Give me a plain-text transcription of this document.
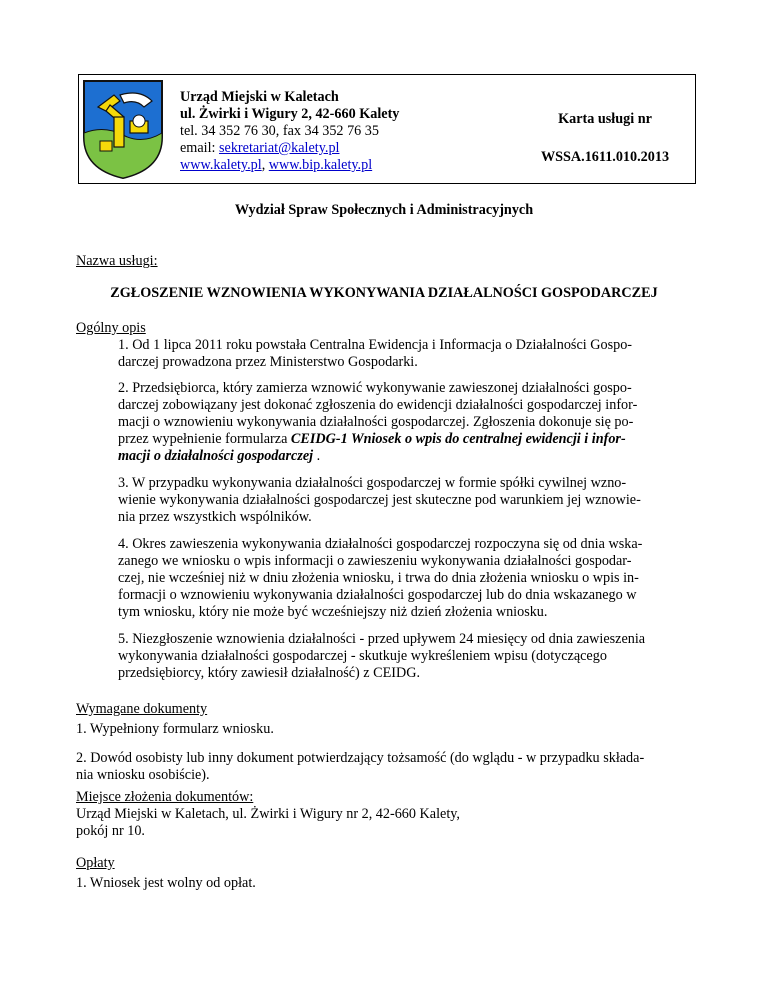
Urząd Miejski w Kaletach
ul. Żwirki i Wigury 2, 42-660 Kalety
tel. 34 352 76 30, fax 34 352 76 35
email: sekretariat@kalety.pl
www.kalety.pl, www.bip.kalety.pl
Karta usługi nr
WSSA.1611.010.2013
Wydział Spraw Społecznych i Administracyjnych
Nazwa usługi:
ZGŁOSZENIE WZNOWIENIA WYKONYWANIA DZIAŁALNOŚCI GOSPODARCZEJ
Ogólny opis
1. Od 1 lipca 2011 roku powstała Centralna Ewidencja i Informacja o Działalności Gospo-
darczej prowadzona przez Ministerstwo Gospodarki.
2. Przedsiębiorca, który zamierza wznowić wykonywanie zawieszonej działalności gospo-
darczej zobowiązany jest dokonać zgłoszenia do ewidencji działalności gospodarczej infor-
macji o wznowieniu wykonywania działalności gospodarczej. Zgłoszenia dokonuje się po-
przez wypełnienie formularza CEIDG-1 Wniosek o wpis do centralnej ewidencji i infor-
macji o działalności gospodarczej .
3. W przypadku wykonywania działalności gospodarczej w formie spółki cywilnej wzno-
wienie wykonywania działalności gospodarczej jest skuteczne pod warunkiem jej wznowie-
nia przez wszystkich wspólników.
4. Okres zawieszenia wykonywania działalności gospodarczej rozpoczyna się od dnia wska-
zanego we wniosku o wpis informacji o zawieszeniu wykonywania działalności gospodar-
czej, nie wcześniej niż w dniu złożenia wniosku, i trwa do dnia złożenia wniosku o wpis in-
formacji o wznowieniu wykonywania działalności gospodarczej lub do dnia wskazanego w
tym wniosku, który nie może być wcześniejszy niż dzień złożenia wniosku.
5. Niezgłoszenie wznowienia działalności - przed upływem 24 miesięcy od dnia zawieszenia
wykonywania działalności gospodarczej - skutkuje wykreśleniem wpisu (dotyczącego
przedsiębiorcy, który zawiesił działalność) z CEIDG.
Wymagane dokumenty
1. Wypełniony formularz wniosku.
2. Dowód osobisty lub inny dokument potwierdzający tożsamość (do wglądu - w przypadku składa-
nia wniosku osobiście).
Miejsce złożenia dokumentów:
Urząd Miejski w Kaletach, ul. Żwirki i Wigury nr 2, 42-660 Kalety,
pokój nr 10.
Opłaty
1. Wniosek jest wolny od opłat.
